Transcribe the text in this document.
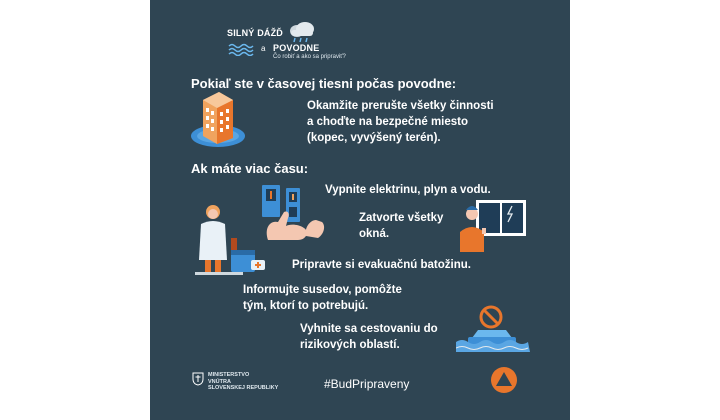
SILNÝ DÁŽĎ
a POVODNE
Čo robiť a ako sa pripraviť?
Pokiaľ ste v časovej tiesni počas povodne:
Okamžite prerušte všetky činnosti
a choďte na bezpečné miesto
(kopec, vyvýšený terén).
Ak máte viac času:
Vypnite elektrinu, plyn a vodu.
Zatvorte všetky
okná.
Pripravte si evakuačnú batožinu.
Informujte susedov, pomôžte
tým, ktorí to potrebujú.
Vyhnite sa cestovaniu do
rizikových oblastí.
MINISTERSTVO
VNÚTRA
SLOVENSKEJ REPUBLIKY	#BudPripraveny
